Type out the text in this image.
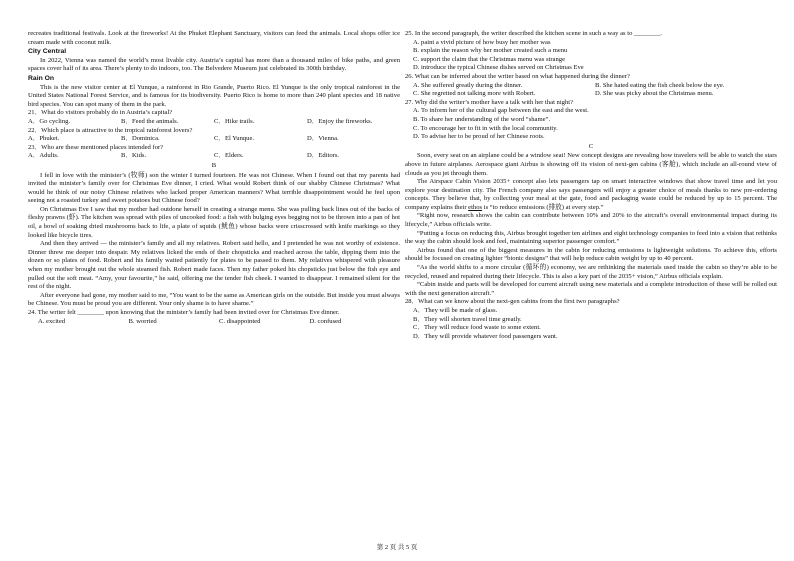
recreates traditional festivals. Look at the fireworks! At the Phuket Elephant Sanctuary, visitors can feed the animals. Local shops offer ice cream made with coconut milk.

City Central

In 2022, Vienna was named the world’s most livable city. Austria’s capital has more than a thousand miles of bike paths, and green spaces cover half of its area. There’s plenty to do indoors, too. The Belvedere Museum just celebrated its 300th birthday.

Rain On

This is the new visitor center at El Yunque, a rainforest in Rio Grande, Puerto Rico. El Yunque is the only tropical rainforest in the United States National Forest Service, and is famous for its biodiversity. Puerto Rico is home to more than 240 plant species and 18 native bird species. You can spot many of them in the park.

21．What do visitors probably do in Austria’s capital?

A．Go cycling.	B．Feed the animals.	C．Hike trails.	D．Enjoy the fireworks.

22．Which place is attractive to the tropical rainforest lovers?

A．Phuket.	B．Dominica.	C．El Yunque.	D．Vienna.

23．Who are these mentioned places intended for?

A．Adults.	B．Kids.	C．Elders.	D．Editors.

B

I fell in love with the minister’s (牧师) son the winter I turned fourteen. He was not Chinese. When I found out that my parents had invited the minister’s family over for Christmas Eve dinner, I cried. What would Robert think of our shabby Chinese Christmas? What would he think of our noisy Chinese relatives who lacked proper American manners? What terrible disappointment would he feel upon seeing not a roasted turkey and sweet potatoes but Chinese food?

On Christmas Eve I saw that my mother had outdone herself in creating a strange menu. She was pulling back lines out of the backs of fleshy prawns (虾). The kitchen was spread with piles of uncooked food: a fish with bulging eyes begging not to be thrown into a pan of hot oil, a bowl of soaking dried mushrooms back to life, a plate of squids (鱿鱼) whose backs were crisscrossed with knife markings so they looked like bicycle tires.

And then they arrived — the minister’s family and all my relatives. Robert said hello, and I pretended he was not worthy of existence. Dinner threw me deeper into despair. My relatives licked the ends of their chopsticks and reached across the table, dipping them into the dozen or so plates of food. Robert and his family waited patiently for plates to be passed to them. My relatives whispered with pleasure when my mother brought out the whole steamed fish. Robert made faces. Then my father poked his chopsticks just below the fish eye and pulled out the soft meat. “Amy, your favourite,” he said, offering me the tender fish cheek. I wanted to disappear. I remained silent for the rest of the night.

After everyone had gone, my mother said to me, “You want to be the same as American girls on the outside. But inside you must always be Chinese. You must be proud you are different. Your only shame is to have shame.”

24. The writer felt ________ upon knowing that the minister’s family had been invited over for Christmas Eve dinner.

A. excited	B. worried	C. disappointed	D. confused

25. In the second paragraph, the writer described the kitchen scene in such a way as to ________.

A. paint a vivid picture of how busy her mother was

B. explain the reason why her mother created such a menu

C. support the claim that the Christmas menu was strange

D. introduce the typical Chinese dishes served on Christmas Eve

26. What can be inferred about the writer based on what happened during the dinner?

A. She suffered greatly during the dinner.	B. She hated eating the fish cheek below the eye.
C. She regretted not talking more with Robert.	D. She was picky about the Christmas menu.

27. Why did the writer’s mother have a talk with her that night?

A. To inform her of the cultural gap between the east and the west.

B. To share her understanding of the word “shame”.

C. To encourage her to fit in with the local community.

D. To advise her to be proud of her Chinese roots.

C

Soon, every seat on an airplane could be a window seat! New concept designs are revealing how travelers will be able to watch the stars above in future airplanes. Aerospace giant Airbus is showing off its vision of next-gen cabins (客舱), which include an all-round view of clouds as you jet through them.

The Airspace Cabin Vision 2035+ concept also lets passengers tap on smart interactive windows that show travel time and let you explore your destination city. The French company also says passengers will enjoy a greater choice of meals thanks to new pre-ordering concepts. They believe that, by collecting your meal at the gate, food and packaging waste could be reduced by up to 15 percent. The company explains their ethos is “to reduce emissions (排放) at every step.”

“Right now, research shows the cabin can contribute between 10% and 20% to the aircraft’s overall environmental impact during its lifecycle,” Airbus officials write.

“Putting a focus on reducing this, Airbus brought together ten airlines and eight technology companies to feed into a vision that rethinks the way the cabin should look and feel, maintaining superior passenger comfort.”

Airbus found that one of the biggest measures in the cabin for reducing emissions is lightweight solutions. To achieve this, efforts should be focused on creating lighter “bionic designs” that will help reduce cabin weight by up to 40 percent.

“As the world shifts to a more circular (循环的) economy, we are rethinking the materials used inside the cabin so they’re able to be recycled, reused and repaired during their lifecycle. This is also a key part of the 2035+ vision,” Airbus officials explain.

“Cabin inside and parts will be developed for current aircraft using new materials and a complete introduction of these will be rolled out with the next generation aircraft.”

28．What can we know about the next-gen cabins from the first two paragraphs?

A．They will be made of glass.

B．They will shorten travel time greatly.

C．They will reduce food waste to some extent.

D．They will provide whatever food passengers want.

第 2 页 共 5 页
